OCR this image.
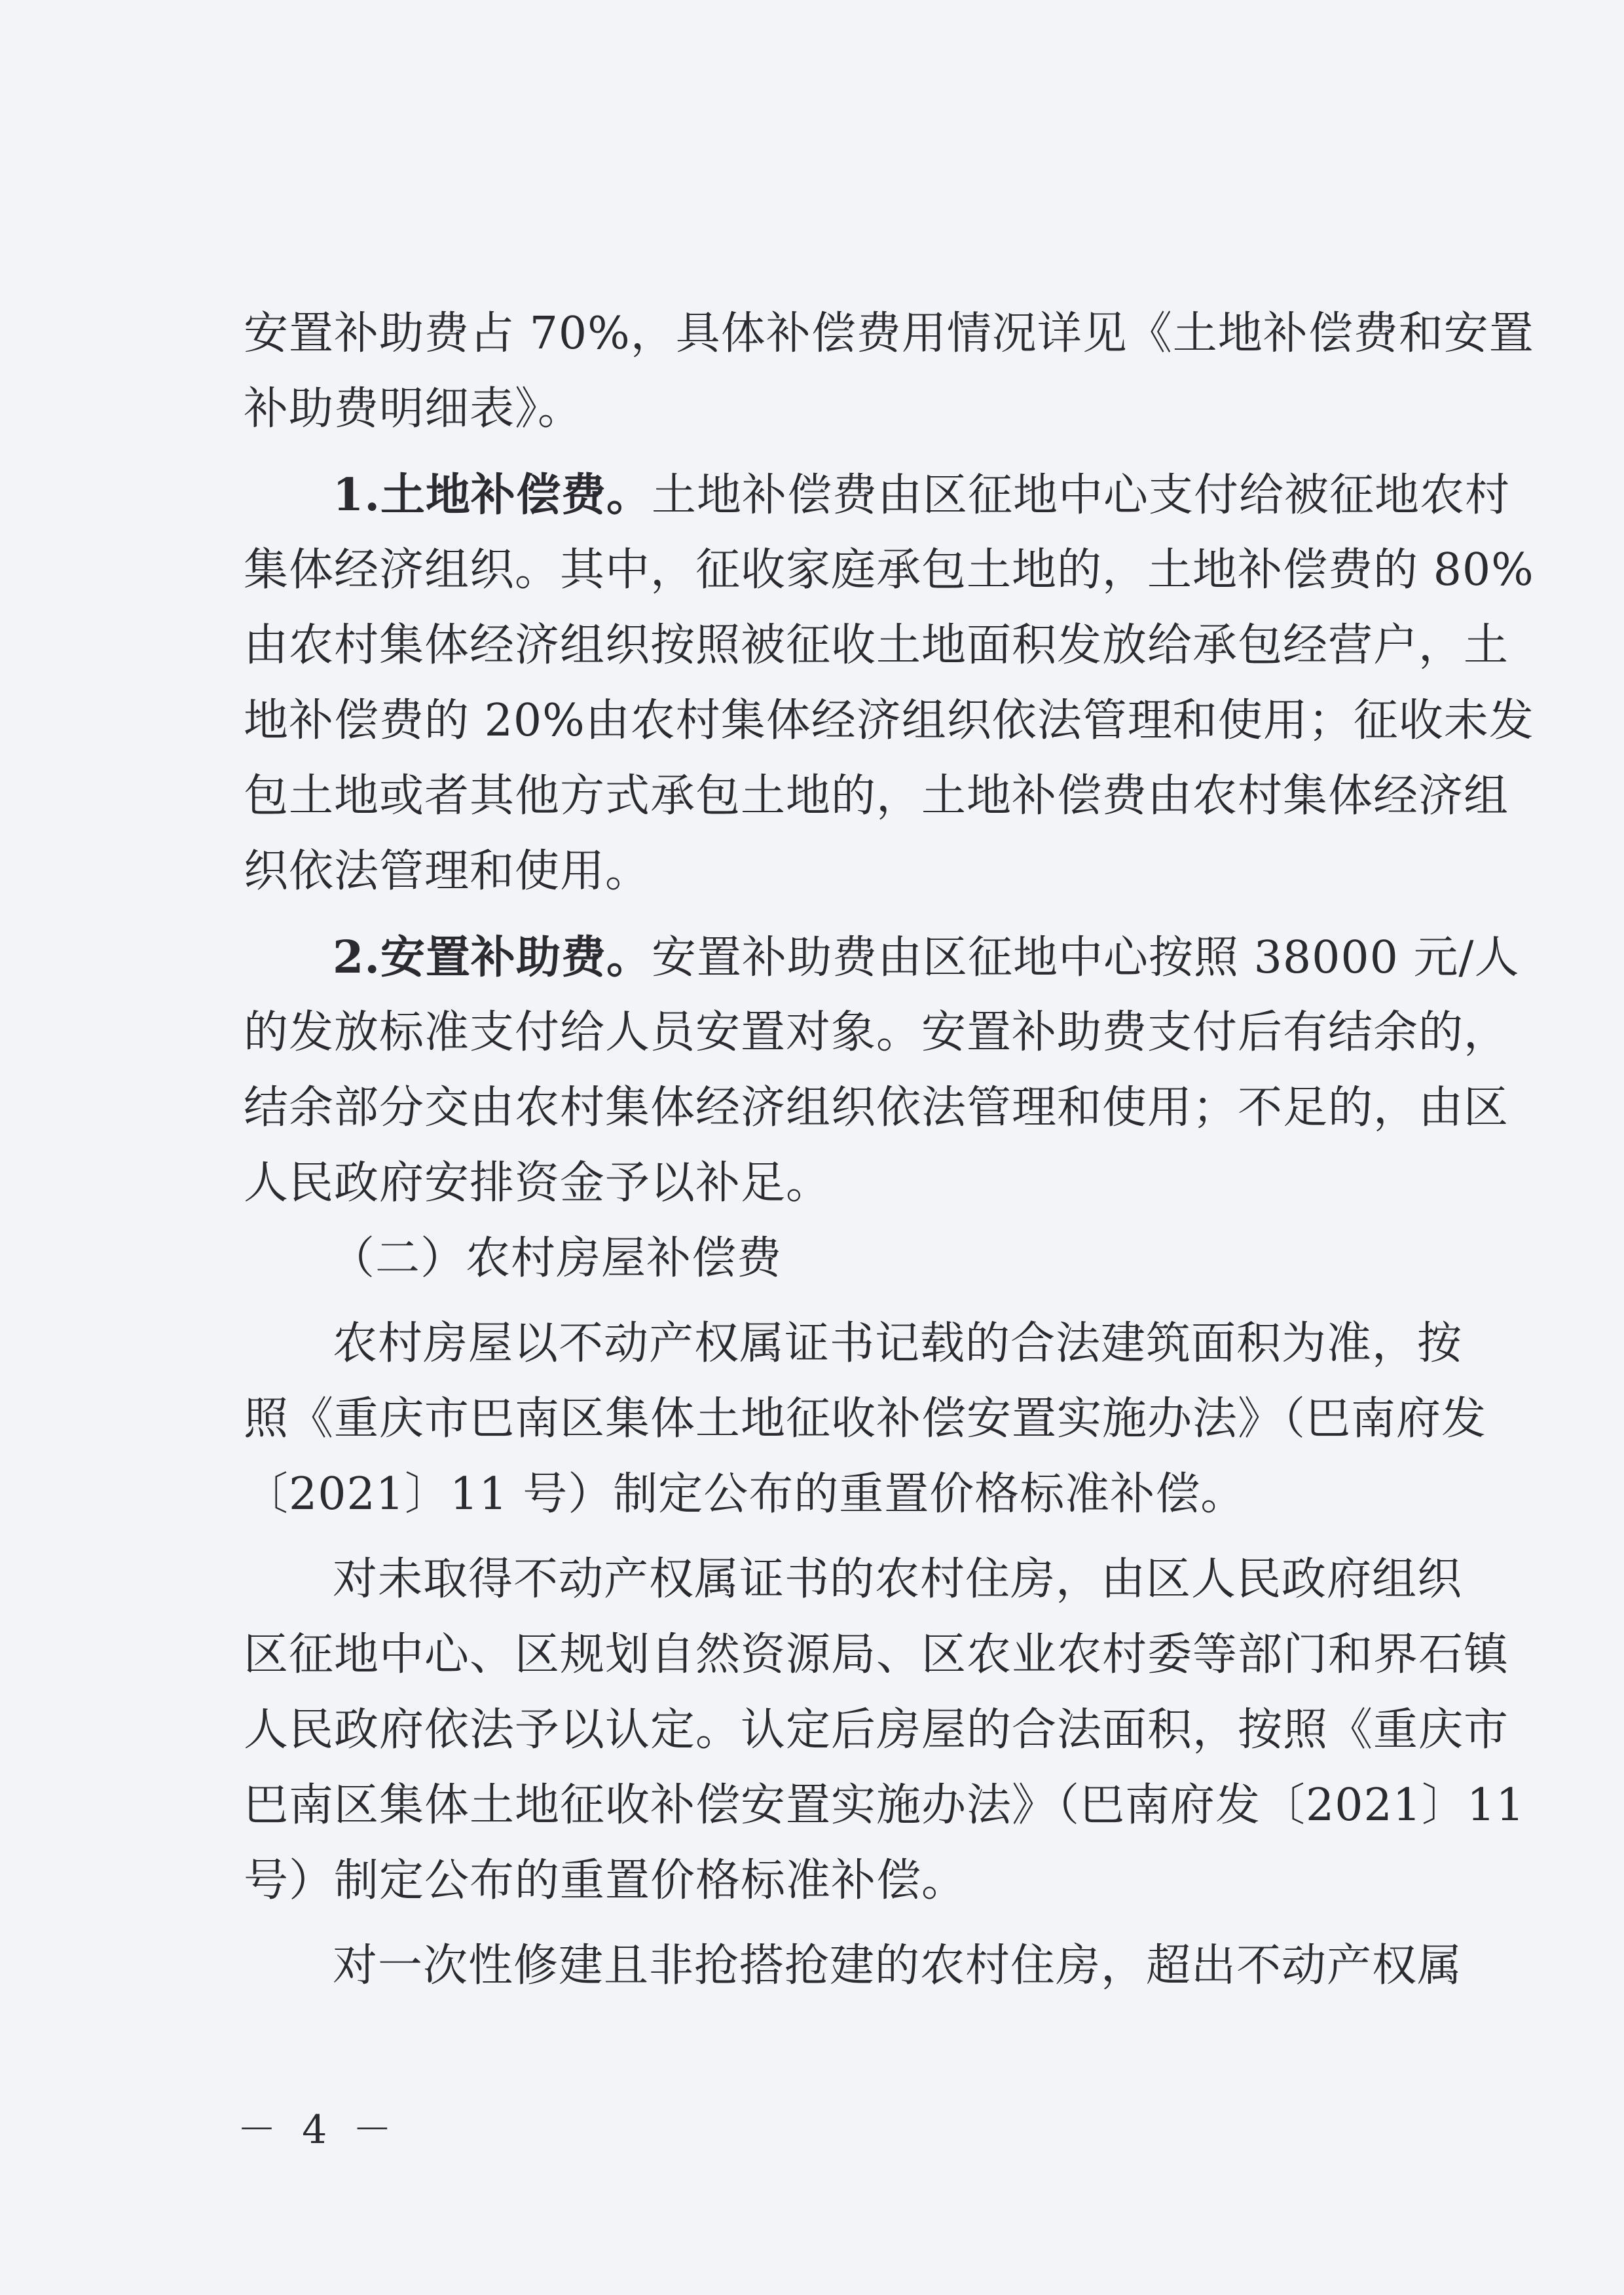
安置补助费占 70%，具体补偿费用情况详见《土地补偿费和安置
补助费明细表》。
1.土地补偿费。土地补偿费由区征地中心支付给被征地农村
集体经济组织。其中，征收家庭承包土地的，土地补偿费的 80%
由农村集体经济组织按照被征收土地面积发放给承包经营户，土
地补偿费的 20%由农村集体经济组织依法管理和使用；征收未发
包土地或者其他方式承包土地的，土地补偿费由农村集体经济组
织依法管理和使用。
2.安置补助费。安置补助费由区征地中心按照 38000 元/人
的发放标准支付给人员安置对象。安置补助费支付后有结余的，
结余部分交由农村集体经济组织依法管理和使用；不足的，由区
人民政府安排资金予以补足。
（二）农村房屋补偿费
农村房屋以不动产权属证书记载的合法建筑面积为准，按
照《重庆市巴南区集体土地征收补偿安置实施办法》（巴南府发
〔2021〕11 号）制定公布的重置价格标准补偿。
对未取得不动产权属证书的农村住房，由区人民政府组织
区征地中心、区规划自然资源局、区农业农村委等部门和界石镇
人民政府依法予以认定。认定后房屋的合法面积，按照《重庆市
巴南区集体土地征收补偿安置实施办法》（巴南府发〔2021〕11
号）制定公布的重置价格标准补偿。
对一次性修建且非抢搭抢建的农村住房，超出不动产权属
－ 4 －
